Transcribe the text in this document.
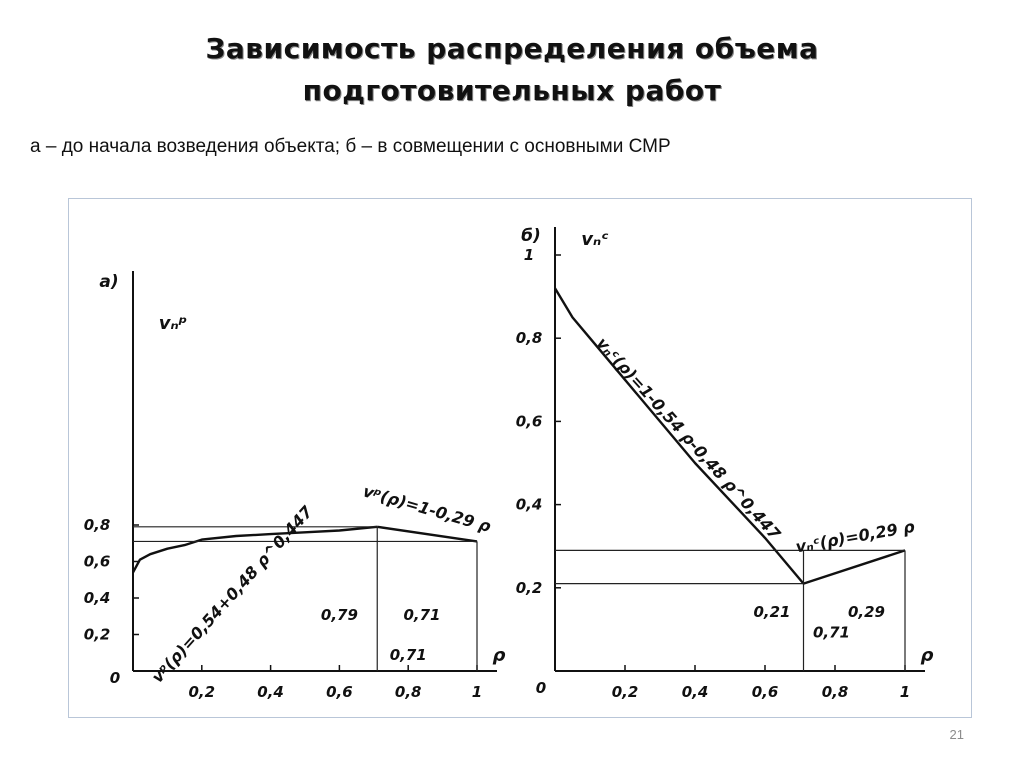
Зависимость распределения объема
подготовительных работ
а – до начала возведения объекта; б – в совмещении с основными СМР
а)
vₙᵖ
ρ
0
0,2	0,4	0,6	0,8	1
0,2
0,4
0,6
0,8
0,79	0,71
0,71
vᵖ(ρ)=0,54+0,48 ρ^0,447	vᵖ(ρ)=1-0,29 ρ
б) vₙᶜ
ρ
0	0,2	0,4	0,6	0,8	1
0,2
0,4
0,6
0,8
1
0,21
0,71
0,29
vₙᶜ(ρ)=1-0,54 ρ-0,48 ρ^0,447 vₙᶜ(ρ)=0,29 ρ
21
